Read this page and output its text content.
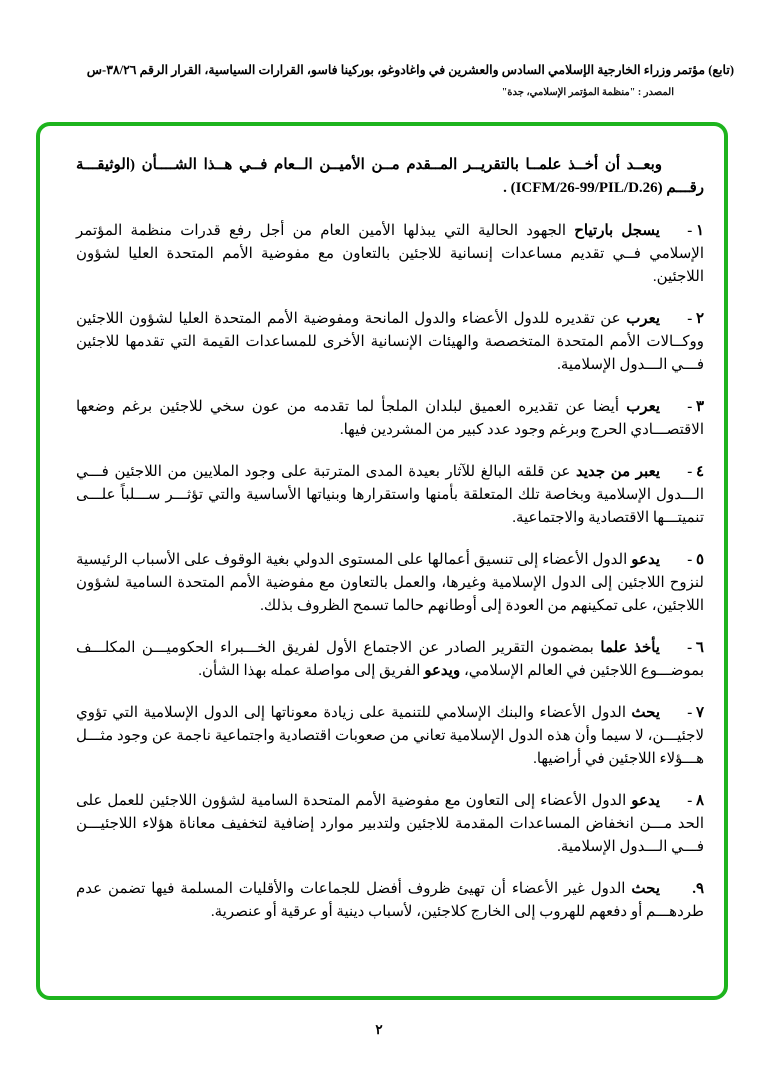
(تابع) مؤتمر وزراء الخارجية الإسلامي السادس والعشرين في واغادوغو، بوركينا فاسو، القرارات السياسية، القرار الرقم ٣٨/٢٦-س
المصدر : "منظمة المؤتمر الإسلامي، جدة"
وبعــد أن أخــذ علمــا بالتقريــر المــقدم مــن الأميــن الــعام فــي هــذا الشــــأن (الوثيقـــة رقـــم (ICFM/26-99/PIL/D.26) .
١ -يسجل بارتياح الجهود الحالية التي يبذلها الأمين العام من أجل رفع قدرات منظمة المؤتمر الإسلامي فــي تقديم مساعدات إنسانية للاجئين بالتعاون مع مفوضية الأمم المتحدة العليا لشؤون اللاجئين.
٢ -يعرب عن تقديره للدول الأعضاء والدول المانحة ومفوضية الأمم المتحدة العليا لشؤون اللاجئين ووكــالات الأمم المتحدة المتخصصة والهيئات الإنسانية الأخرى للمساعدات القيمة التي تقدمها للاجئين فـــي الـــدول الإسلامية.
٣ -يعرب أيضا عن تقديره العميق لبلدان الملجأ لما تقدمه من عون سخي للاجئين برغم وضعها الاقتصـــادي الحرج وبرغم وجود عدد كبير من المشردين فيها.
٤ -يعبر من جديد عن قلقه البالغ للآثار بعيدة المدى المترتبة على وجود الملايين من اللاجئين فـــي الـــدول الإسلامية وبخاصة تلك المتعلقة بأمنها واستقرارها وبنياتها الأساسية والتي تؤثـــر ســـلباً علـــى تنميتـــها الاقتصادية والاجتماعية.
٥ -يدعو الدول الأعضاء إلى تنسيق أعمالها على المستوى الدولي بغية الوقوف على الأسباب الرئيسية لنزوح اللاجئين إلى الدول الإسلامية وغيرها، والعمل بالتعاون مع مفوضية الأمم المتحدة السامية لشؤون اللاجئين، على تمكينهم من العودة إلى أوطانهم حالما تسمح الظروف بذلك.
٦ -يأخذ علما بمضمون التقرير الصادر عن الاجتماع الأول لفريق الخـــبراء الحكوميـــن المكلـــف بموضـــوع اللاجئين في العالم الإسلامي، ويدعو الفريق إلى مواصلة عمله بهذا الشأن.
٧ -يحث الدول الأعضاء والبنك الإسلامي للتنمية على زيادة معوناتها إلى الدول الإسلامية التي تؤوي لاجئيـــن، لا سيما وأن هذه الدول الإسلامية تعاني من صعوبات اقتصادية واجتماعية ناجمة عن وجود مثـــل هـــؤلاء اللاجئين في أراضيها.
٨ -يدعو الدول الأعضاء إلى التعاون مع مفوضية الأمم المتحدة السامية لشؤون اللاجئين للعمل على الحد مـــن انخفاض المساعدات المقدمة للاجئين ولتدبير موارد إضافية لتخفيف معاناة هؤلاء اللاجئيـــن فـــي الـــدول الإسلامية.
٩.يحث الدول غير الأعضاء أن تهيئ ظروف أفضل للجماعات والأقليات المسلمة فيها تضمن عدم طردهـــم أو دفعهم للهروب إلى الخارج كلاجئين، لأسباب دينية أو عرقية أو عنصرية.
٢
